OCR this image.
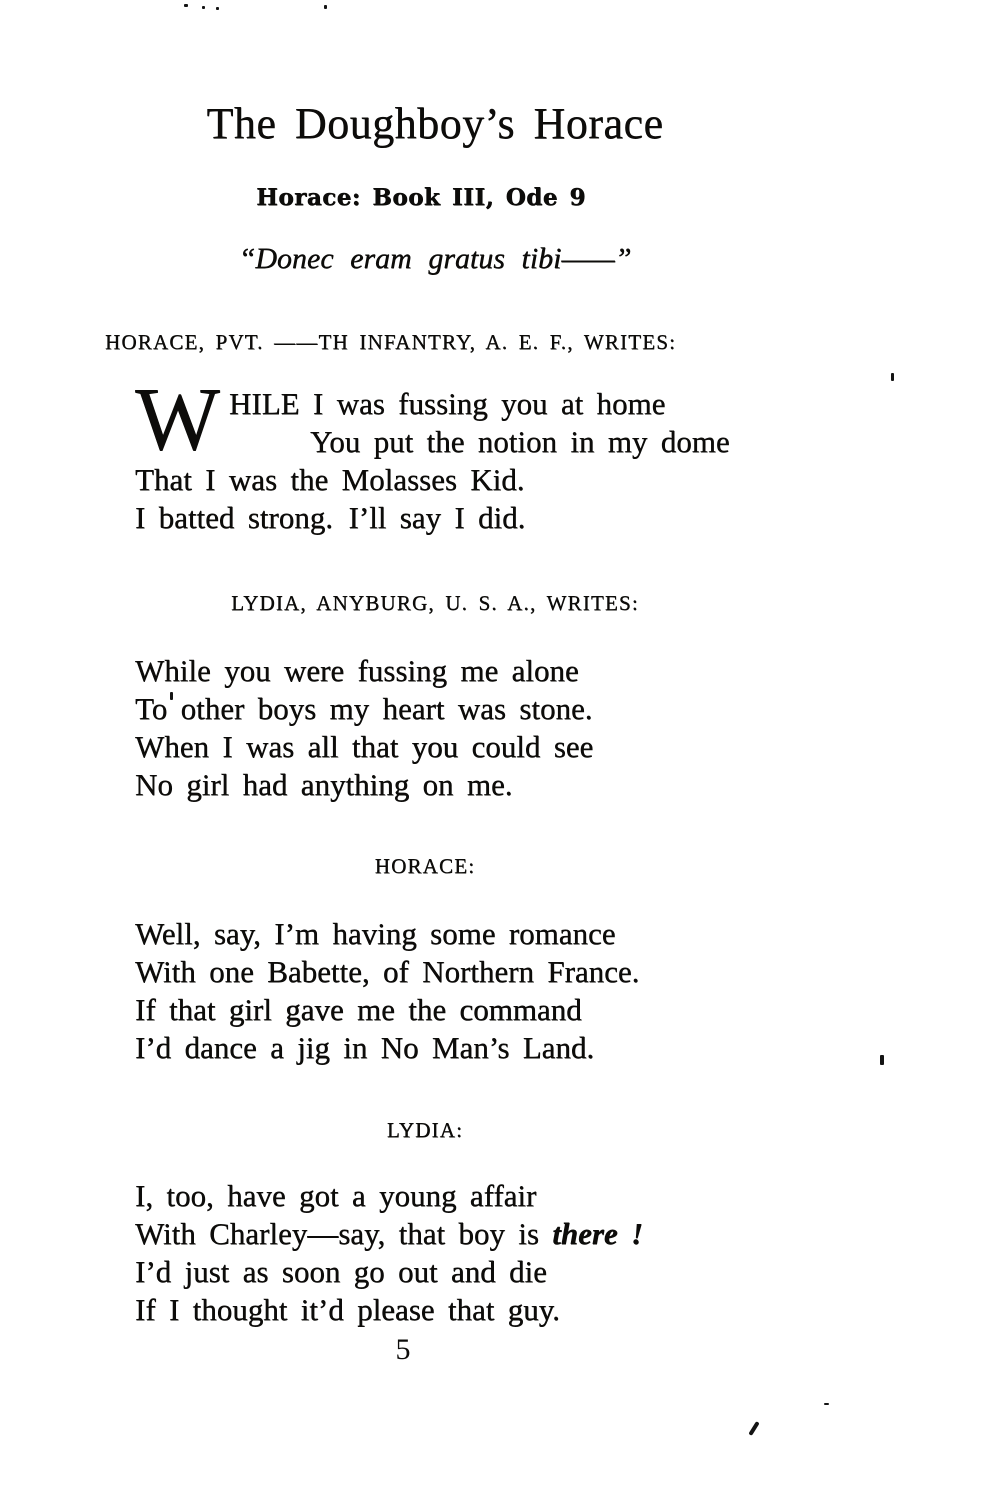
The Doughboy’s Horace
Horace: Book III, Ode 9
“Donec eram gratus tibi——”
HORACE, PVT. ——TH INFANTRY, A. E. F., WRITES:
W HILE I was fussing you at home
You put the notion in my dome
That I was the Molasses Kid.
I batted strong. I’ll say I did.
LYDIA, ANYBURG, U. S. A., WRITES:
While you were fussing me alone
To other boys my heart was stone.
When I was all that you could see
No girl had anything on me.
HORACE:
Well, say, I’m having some romance
With one Babette, of Northern France.
If that girl gave me the command
I’d dance a jig in No Man’s Land.
LYDIA:
I, too, have got a young affair
With Charley—say, that boy is there !
I’d just as soon go out and die
If I thought it’d please that guy.
5
